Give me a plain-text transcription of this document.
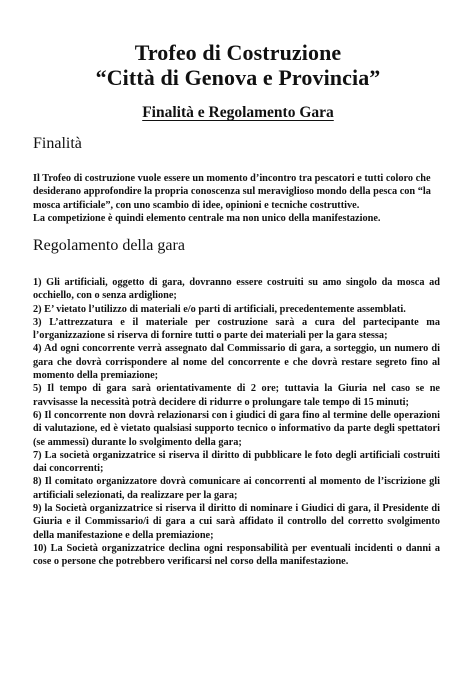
Trofeo di Costruzione
“Città di Genova e Provincia”
Finalità e Regolamento Gara
Finalità
Il Trofeo di costruzione vuole essere un momento d’incontro tra pescatori e tutti coloro che desiderano approfondire la propria conoscenza sul meraviglioso mondo della pesca con “la mosca artificiale”, con uno scambio di idee, opinioni e tecniche costruttive.
La competizione è quindi elemento centrale ma non unico della manifestazione.
Regolamento della gara

1) Gli artificiali, oggetto di gara, dovranno essere costruiti su amo singolo da mosca ad occhiello, con o senza ardiglione;

2) E’ vietato l’utilizzo di materiali e/o parti di artificiali, precedentemente assemblati.

3) L’attrezzatura e il materiale per costruzione sarà a cura del partecipante ma l’organizzazione si riserva di fornire tutti o parte dei materiali per la gara stessa;

4) Ad ogni concorrente verrà assegnato dal Commissario di gara, a sorteggio, un numero di gara che dovrà corrispondere al nome del concorrente e che dovrà restare segreto fino al momento della premiazione;

5) Il tempo di gara sarà orientativamente di 2 ore; tuttavia la Giuria nel caso se ne ravvisasse la necessità potrà decidere di ridurre o prolungare tale tempo di 15 minuti;

6) Il concorrente non dovrà relazionarsi con i giudici di gara fino al termine delle operazioni di valutazione, ed è vietato qualsiasi supporto tecnico o informativo da parte degli spettatori (se ammessi) durante lo svolgimento della gara;

7) La società organizzatrice si riserva il diritto di pubblicare le foto degli artificiali costruiti dai concorrenti;

8) Il comitato organizzatore dovrà comunicare ai concorrenti al momento de l’iscrizione gli artificiali selezionati, da realizzare per la gara;

9) la Società organizzatrice si riserva il diritto di nominare i Giudici di gara, il Presidente di Giuria e il Commissario/i di gara a cui sarà affidato il controllo del corretto svolgimento della manifestazione e della premiazione;

10) La Società organizzatrice declina ogni responsabilità per eventuali incidenti o danni a cose o persone che potrebbero verificarsi nel corso della manifestazione.
